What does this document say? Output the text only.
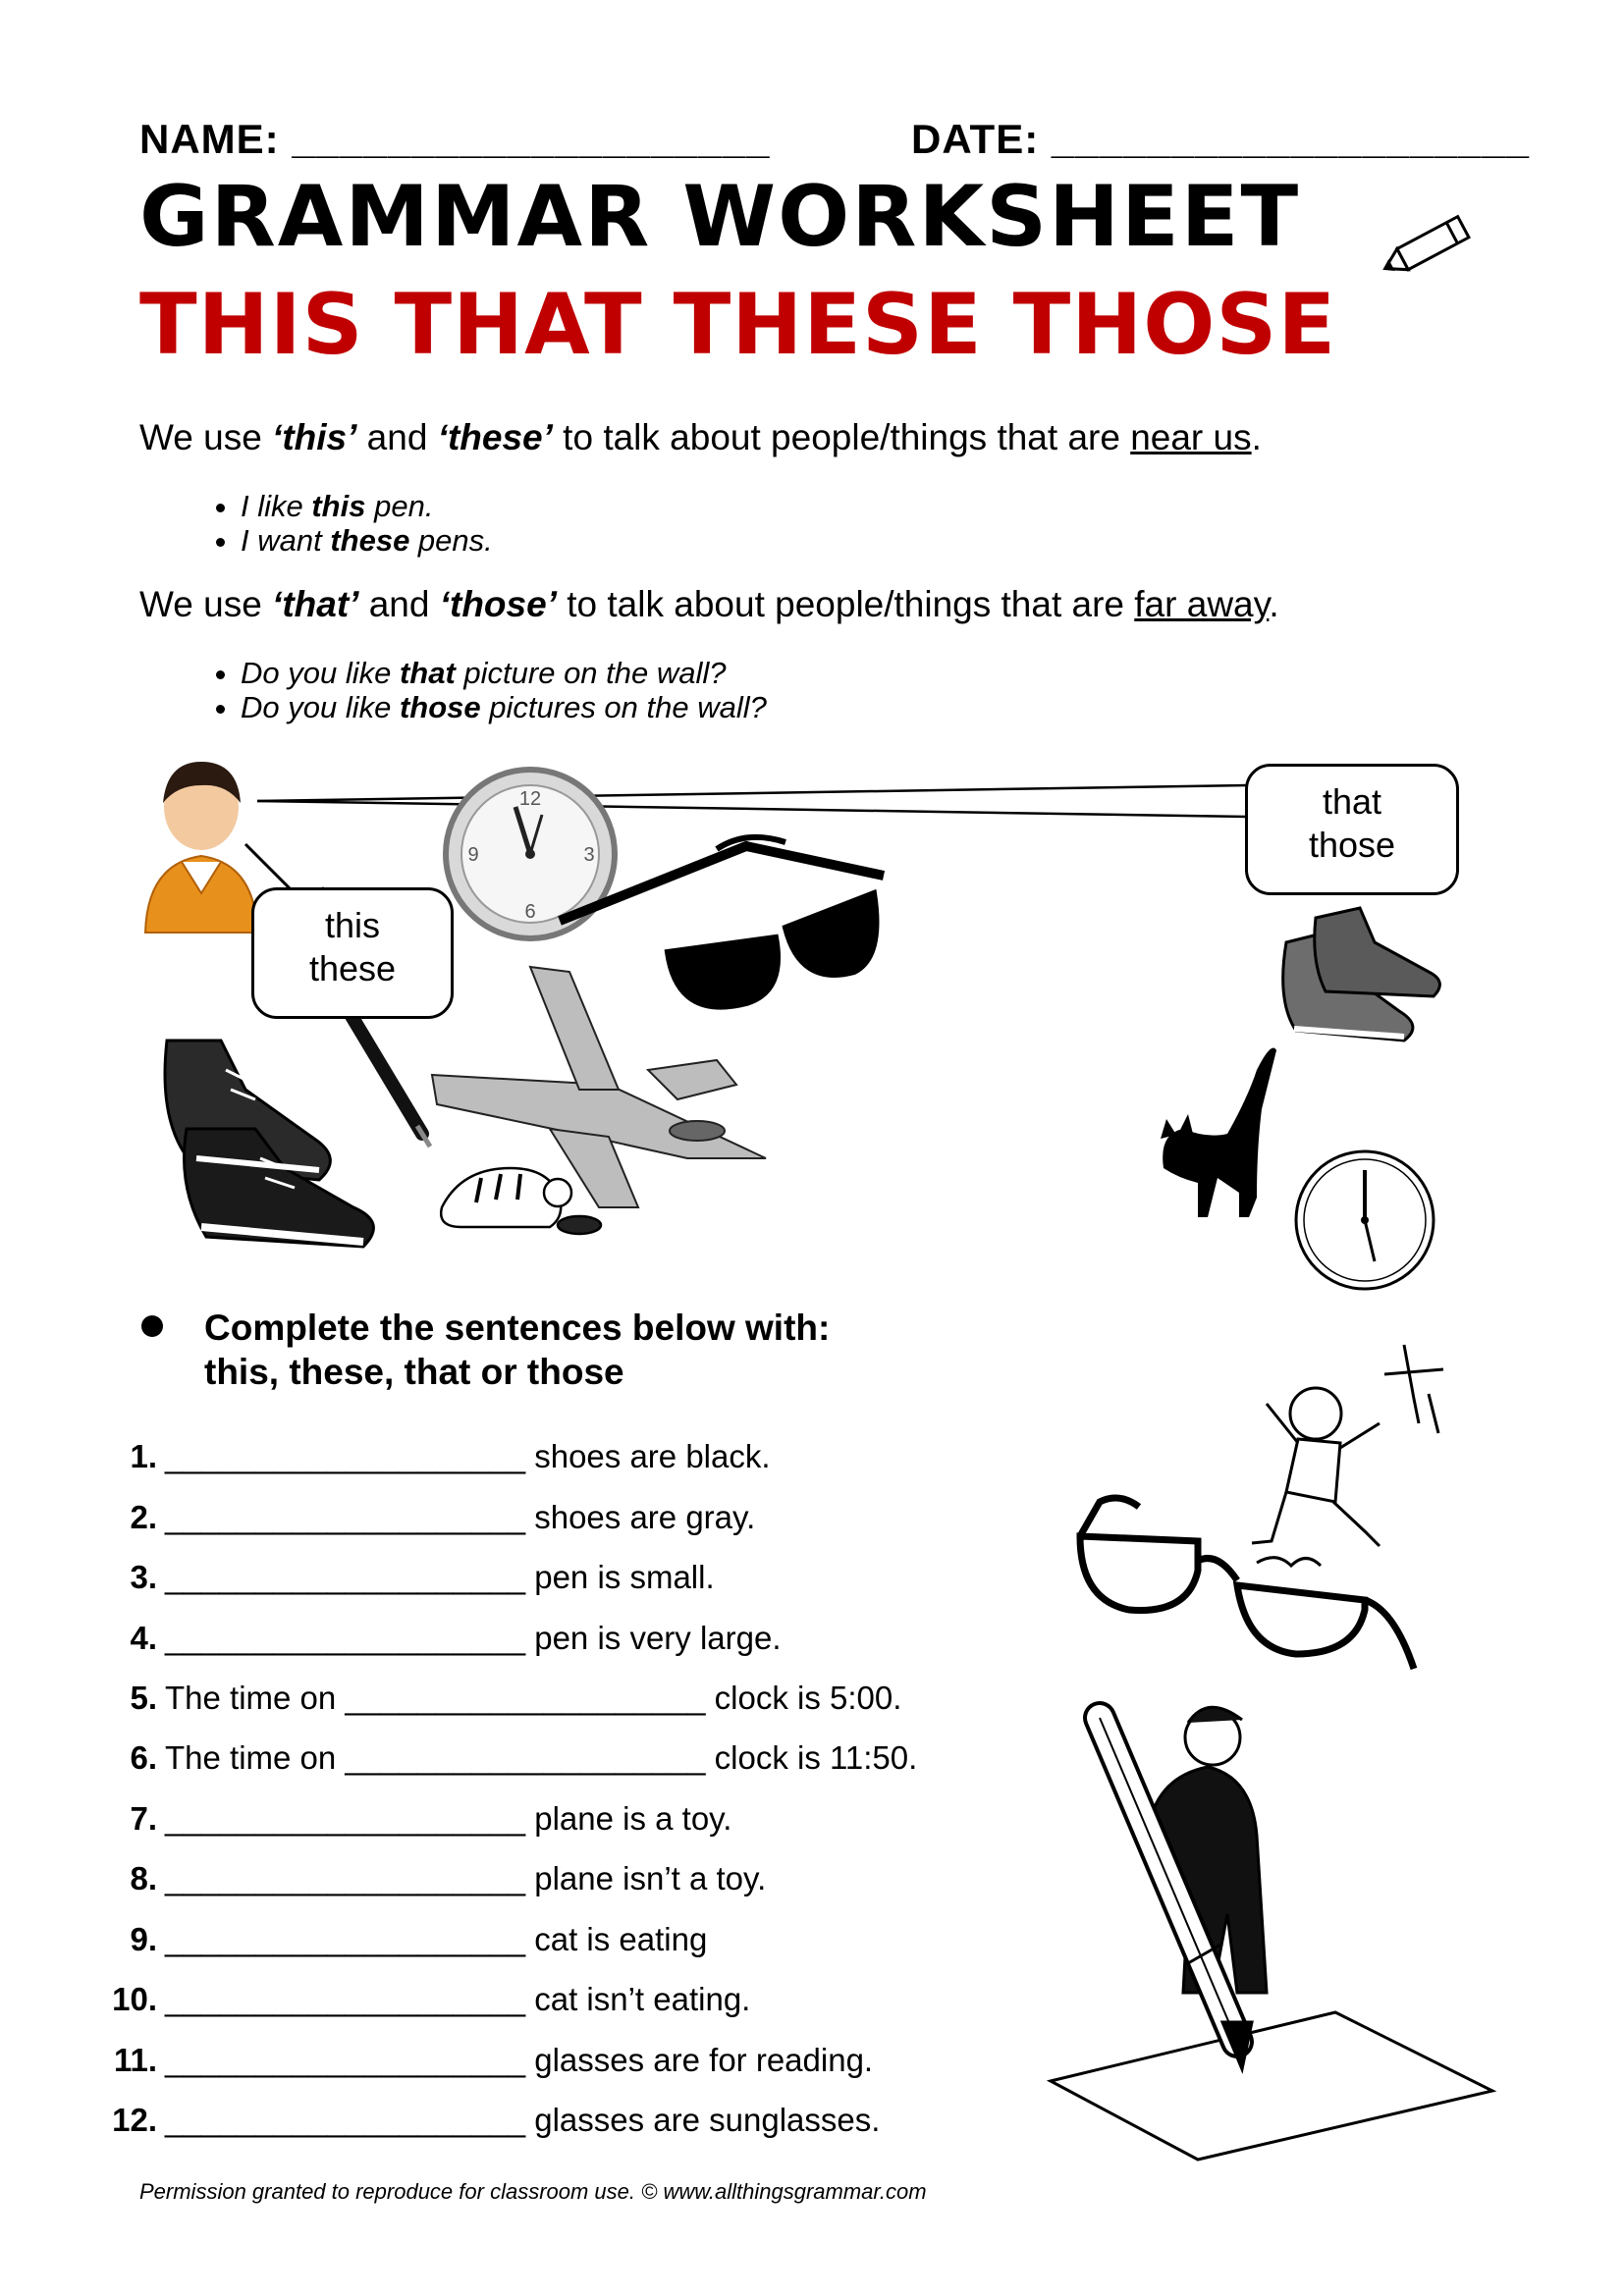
NAME: ____________________	DATE: ____________________
GRAMMAR WORKSHEET
THIS THAT THESE THOSE
We use ‘this’ and ‘these’ to talk about people/things that are near us.
• I like this pen.
• I want these pens.
We use ‘that’ and ‘those’ to talk about people/things that are far away.
• Do you like that picture on the wall?
• Do you like those pictures on the wall?
12
3
6
9
this
these
that
those
Complete the sentences below with:
this, these, that or those
1. ____________________ shoes are black.
2. ____________________ shoes are gray.
3. ____________________ pen is small.
4. ____________________ pen is very large.
5. The time on ____________________ clock is 5:00.
6. The time on ____________________ clock is 11:50.
7. ____________________ plane is a toy.
8. ____________________ plane isn’t a toy.
9. ____________________ cat is eating
10. ____________________ cat isn’t eating.
11. ____________________ glasses are for reading.
12. ____________________ glasses are sunglasses.
Permission granted to reproduce for classroom use. © www.allthingsgrammar.com
